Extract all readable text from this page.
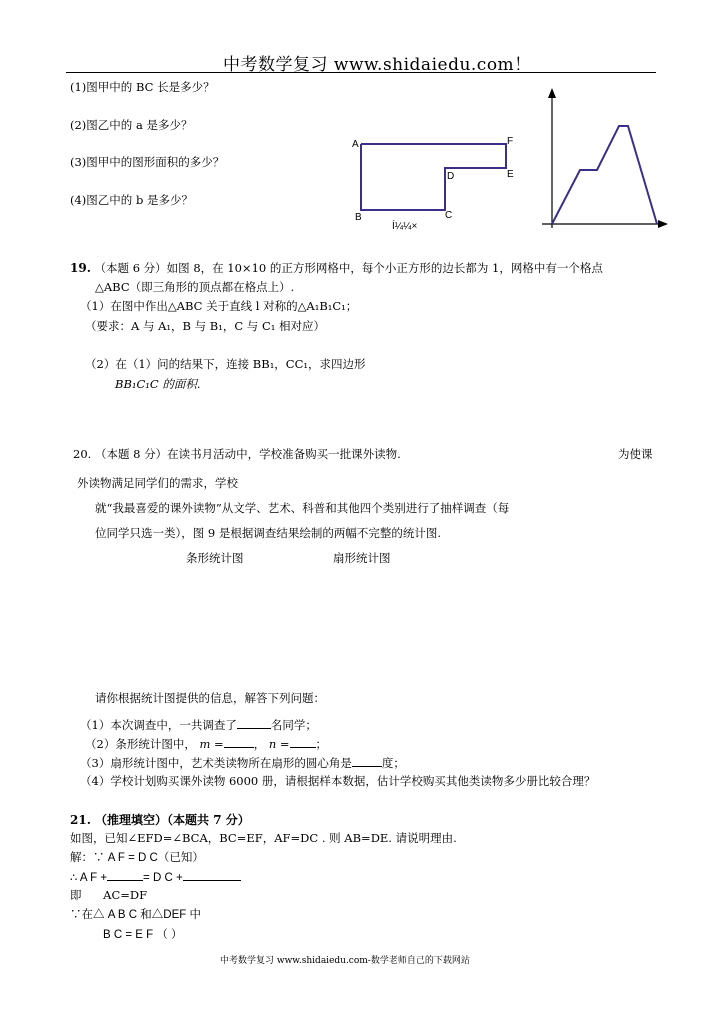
中考数学复习 www.shidaiedu.com！
(1)图甲中的 BC 长是多少？
(2)图乙中的 a 是多少？
(3)图甲中的图形面积的多少？
(4)图乙中的 b 是多少？
A	F
D	E
B	C
Í¼¼×
19. （本题 6 分）如图 8，在 10×10 的正方形网格中，每个小正方形的边长都为 1，网格中有一个格点
△ABC（即三角形的顶点都在格点上）.
（1）在图中作出△ABC 关于直线 l 对称的△A₁B₁C₁；
（要求：A 与 A₁，B 与 B₁，C 与 C₁ 相对应）
（2）在（1）问的结果下，连接 BB₁，CC₁，求四边形
BB₁C₁C 的面积.
20. （本题 8 分）在读书月活动中，学校准备购买一批课外读物.	为使课
外读物满足同学们的需求，学校
就“我最喜爱的课外读物”从文学、艺术、科普和其他四个类别进行了抽样调查（每
位同学只选一类），图 9 是根据调查结果绘制的两幅不完整的统计图.
条形统计图	扇形统计图
请你根据统计图提供的信息，解答下列问题：
（1）本次调查中，一共调查了	名同学；
（2）条形统计图中， m =	， n = ；
（3）扇形统计图中，艺术类读物所在扇形的圆心角是	度；
（4）学校计划购买课外读物 6000 册，请根据样本数据，估计学校购买其他类读物多少册比较合理？
21. （推理填空）（本题共 7 分）
如图，已知∠EFD=∠BCA，BC=EF，AF=DC . 则 AB=DE. 请说明理由.
解：∵ A F = D C（已知）
∴ A F +	= D C +
即 AC=DF
∵在△ A B C 和△DEF 中
B C = E F （ ）
中考数学复习 www.shidaiedu.com-数学老师自己的下载网站
